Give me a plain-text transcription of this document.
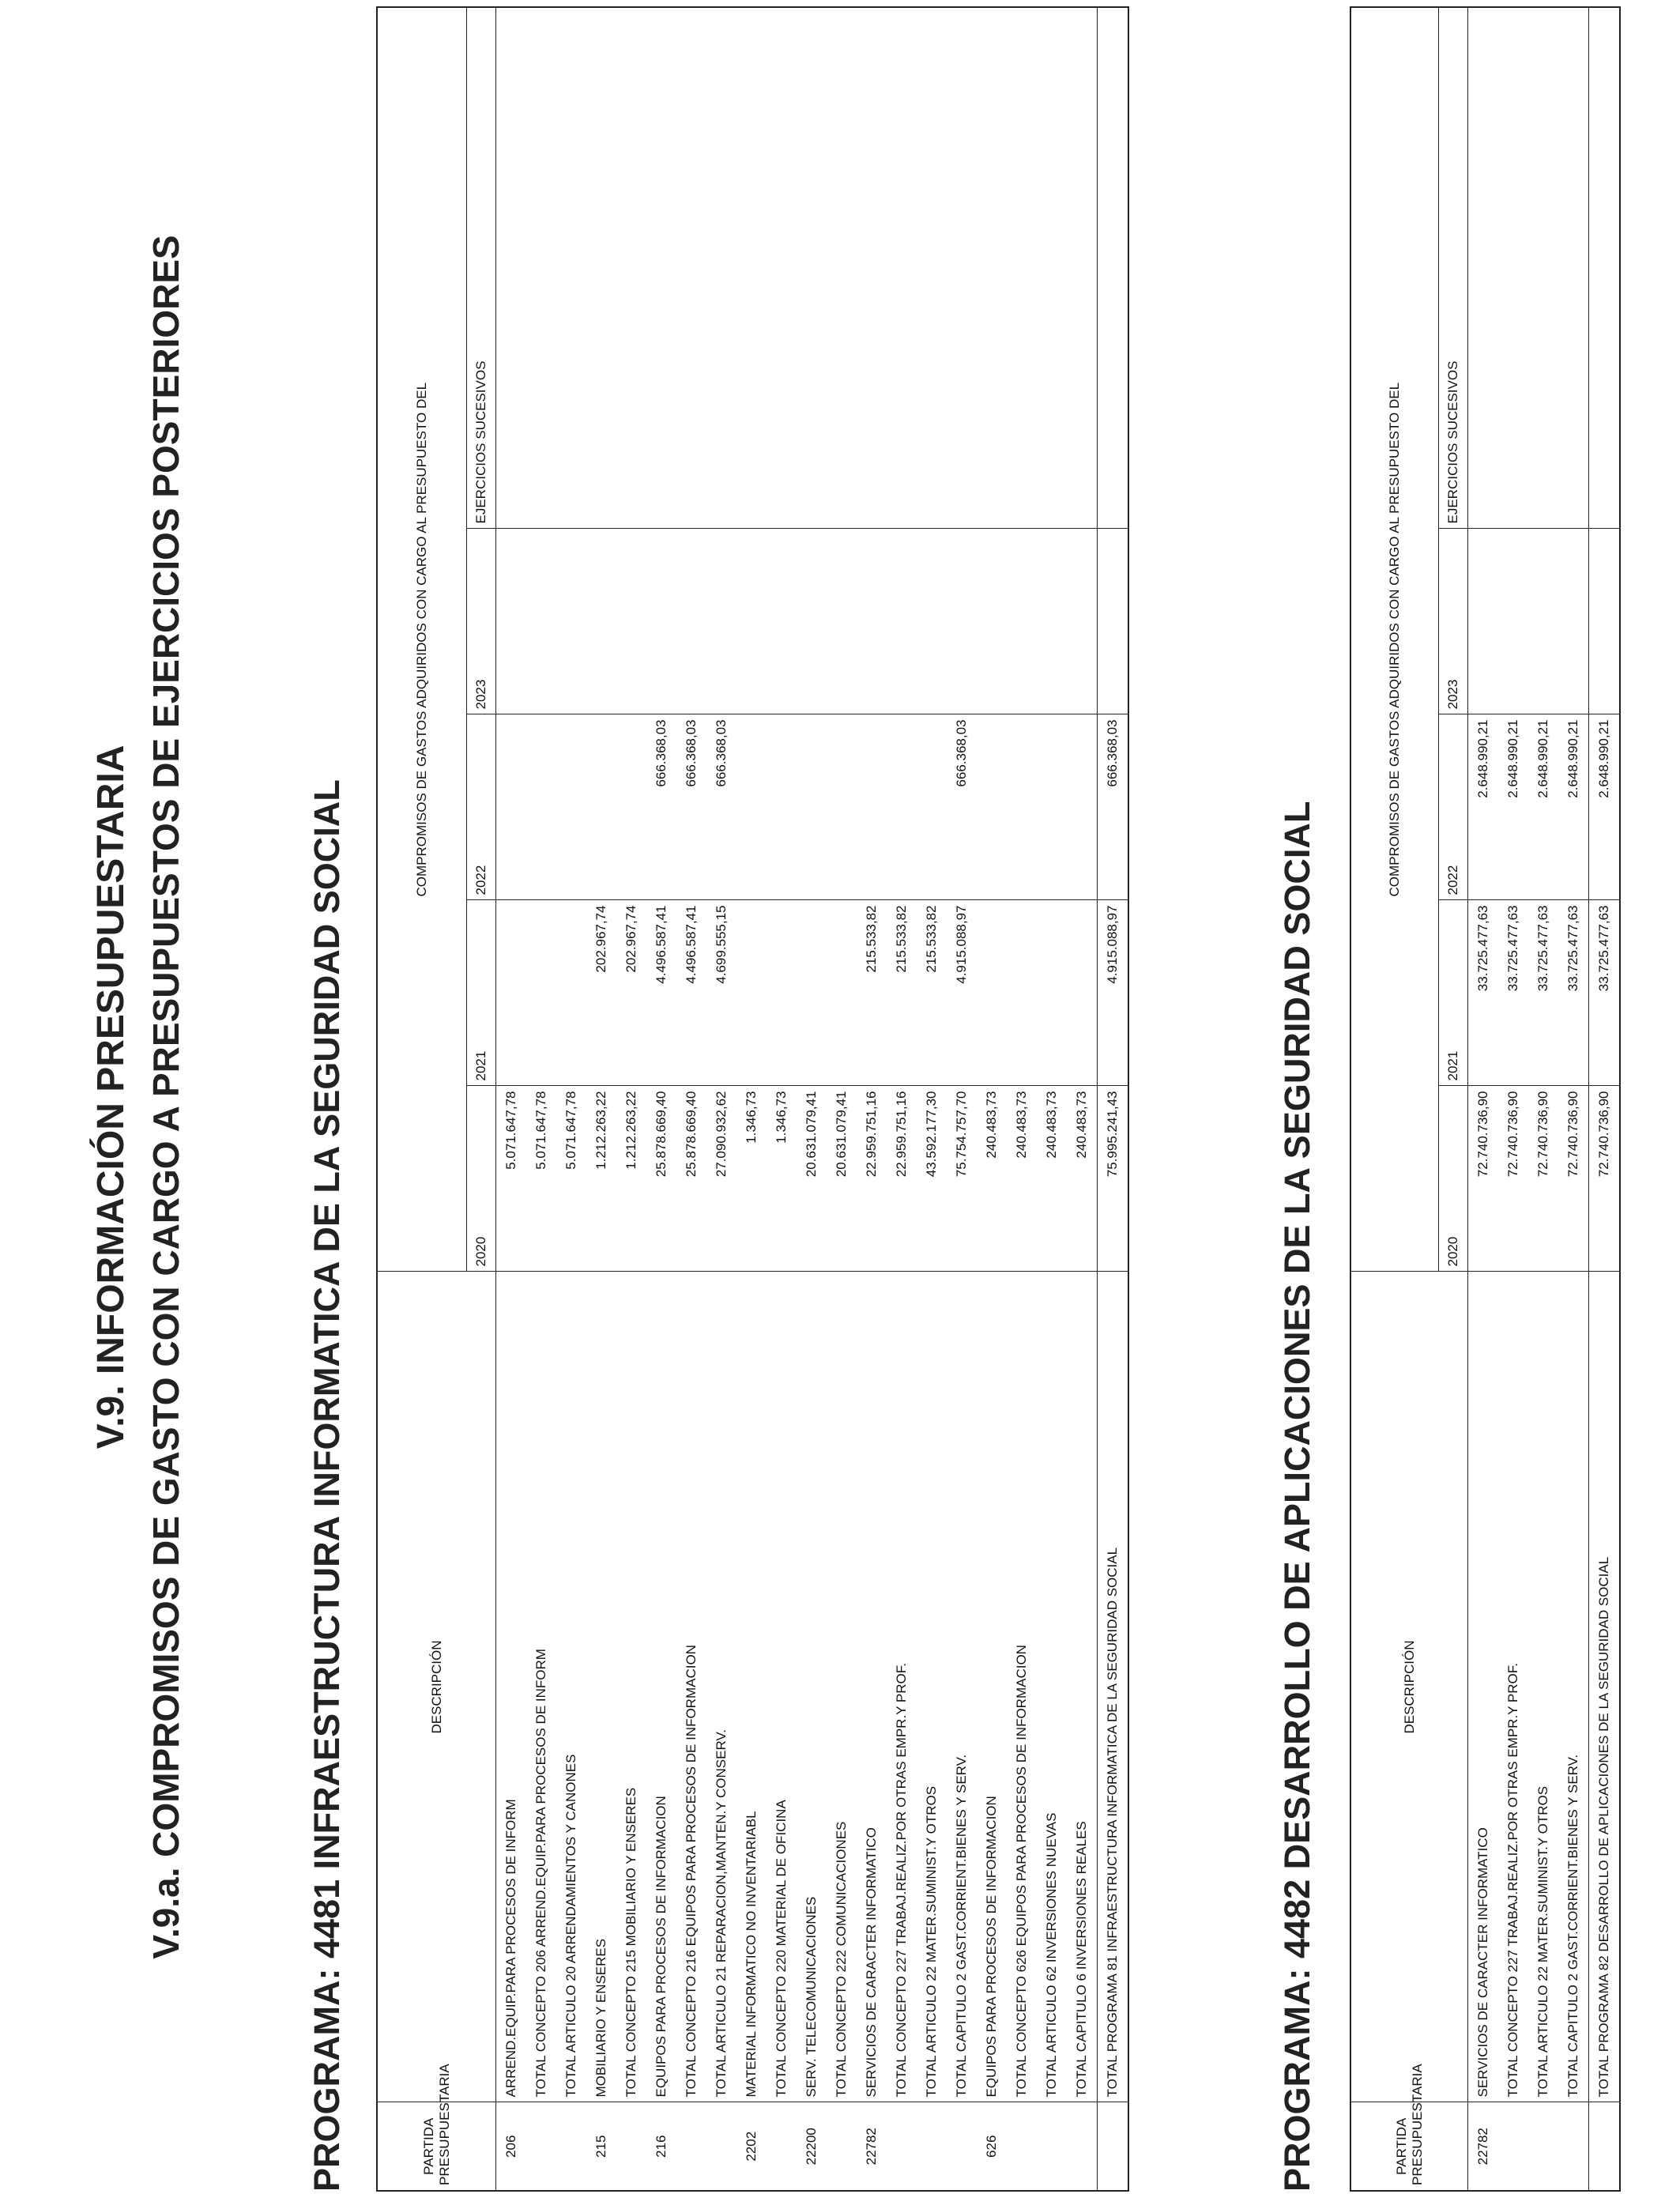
V.9. INFORMACIÓN PRESUPUESTARIA V.9.a. COMPROMISOS DE GASTO CON CARGO A PRESUPUESTOS DE EJERCICIOS POSTERIORES	PROGRAMA: 4481 INFRAESTRUCTURA INFORMATICA DE LA SEGURIDAD SOCIAL	PARTIDA PRESUPUESTARIA	DESCRIPCIÓN	COMPROMISOS DE GASTOS ADQUIRIDOS CON CARGO AL PRESUPUESTO DEL				
		2020	2021	2022	2023	EJERCICIOS SUCESIVOS
206	ARREND.EQUIP.PARA PROCESOS DE INFORM	5.071.647,78				
	TOTAL CONCEPTO 206 ARREND.EQUIP.PARA PROCESOS DE INFORM	5.071.647,78				
	TOTAL ARTICULO 20 ARRENDAMIENTOS Y CANONES	5.071.647,78				
215	MOBILIARIO Y ENSERES	1.212.263,22	202.967,74			
	TOTAL CONCEPTO 215 MOBILIARIO Y ENSERES	1.212.263,22	202.967,74			
216	EQUIPOS PARA PROCESOS DE INFORMACION	25.878.669,40	4.496.587,41	666.368,03		
	TOTAL CONCEPTO 216 EQUIPOS PARA PROCESOS DE INFORMACION	25.878.669,40	4.496.587,41	666.368,03		
	TOTAL ARTICULO 21 REPARACION,MANTEN.Y CONSERV.	27.090.932,62	4.699.555,15	666.368,03		
2202	MATERIAL INFORMATICO NO INVENTARIABL	1.346,73				
	TOTAL CONCEPTO 220 MATERIAL DE OFICINA	1.346,73				
22200	SERV. TELECOMUNICACIONES	20.631.079,41				
	TOTAL CONCEPTO 222 COMUNICACIONES	20.631.079,41				
22782	SERVICIOS DE CARACTER INFORMATICO	22.959.751,16	215.533,82			
	TOTAL CONCEPTO 227 TRABAJ.REALIZ.POR OTRAS EMPR.Y PROF.	22.959.751,16	215.533,82			
	TOTAL ARTICULO 22 MATER.SUMINIST.Y OTROS	43.592.177,30	215.533,82			
	TOTAL CAPITULO 2 GAST.CORRIENT.BIENES Y SERV.	75.754.757,70	4.915.088,97	666.368,03		
626	EQUIPOS PARA PROCESOS DE INFORMACION	240.483,73				
	TOTAL CONCEPTO 626 EQUIPOS PARA PROCESOS DE INFORMACION	240.483,73				
	TOTAL ARTICULO 62 INVERSIONES NUEVAS	240.483,73				
	TOTAL CAPITULO 6 INVERSIONES REALES	240.483,73				
	TOTAL PROGRAMA 81 INFRAESTRUCTURA INFORMATICA DE LA SEGURIDAD SOCIAL	75.995.241,43	4.915.088,97	666.368,03		
PROGRAMA: 4482 DESARROLLO DE APLICACIONES DE LA SEGURIDAD SOCIAL	PARTIDA PRESUPUESTARIA	DESCRIPCIÓN	COMPROMISOS DE GASTOS ADQUIRIDOS CON CARGO AL PRESUPUESTO DEL				
		2020	2021	2022	2023	EJERCICIOS SUCESIVOS
22782	SERVICIOS DE CARACTER INFORMATICO	72.740.736,90	33.725.477,63	2.648.990,21		
	TOTAL CONCEPTO 227 TRABAJ.REALIZ.POR OTRAS EMPR.Y PROF.	72.740.736,90	33.725.477,63	2.648.990,21		
	TOTAL ARTICULO 22 MATER.SUMINIST.Y OTROS	72.740.736,90	33.725.477,63	2.648.990,21		
	TOTAL CAPITULO 2 GAST.CORRIENT.BIENES Y SERV.	72.740.736,90	33.725.477,63	2.648.990,21		
	TOTAL PROGRAMA 82 DESARROLLO DE APLICACIONES DE LA SEGURIDAD SOCIAL	72.740.736,90	33.725.477,63	2.648.990,21		
